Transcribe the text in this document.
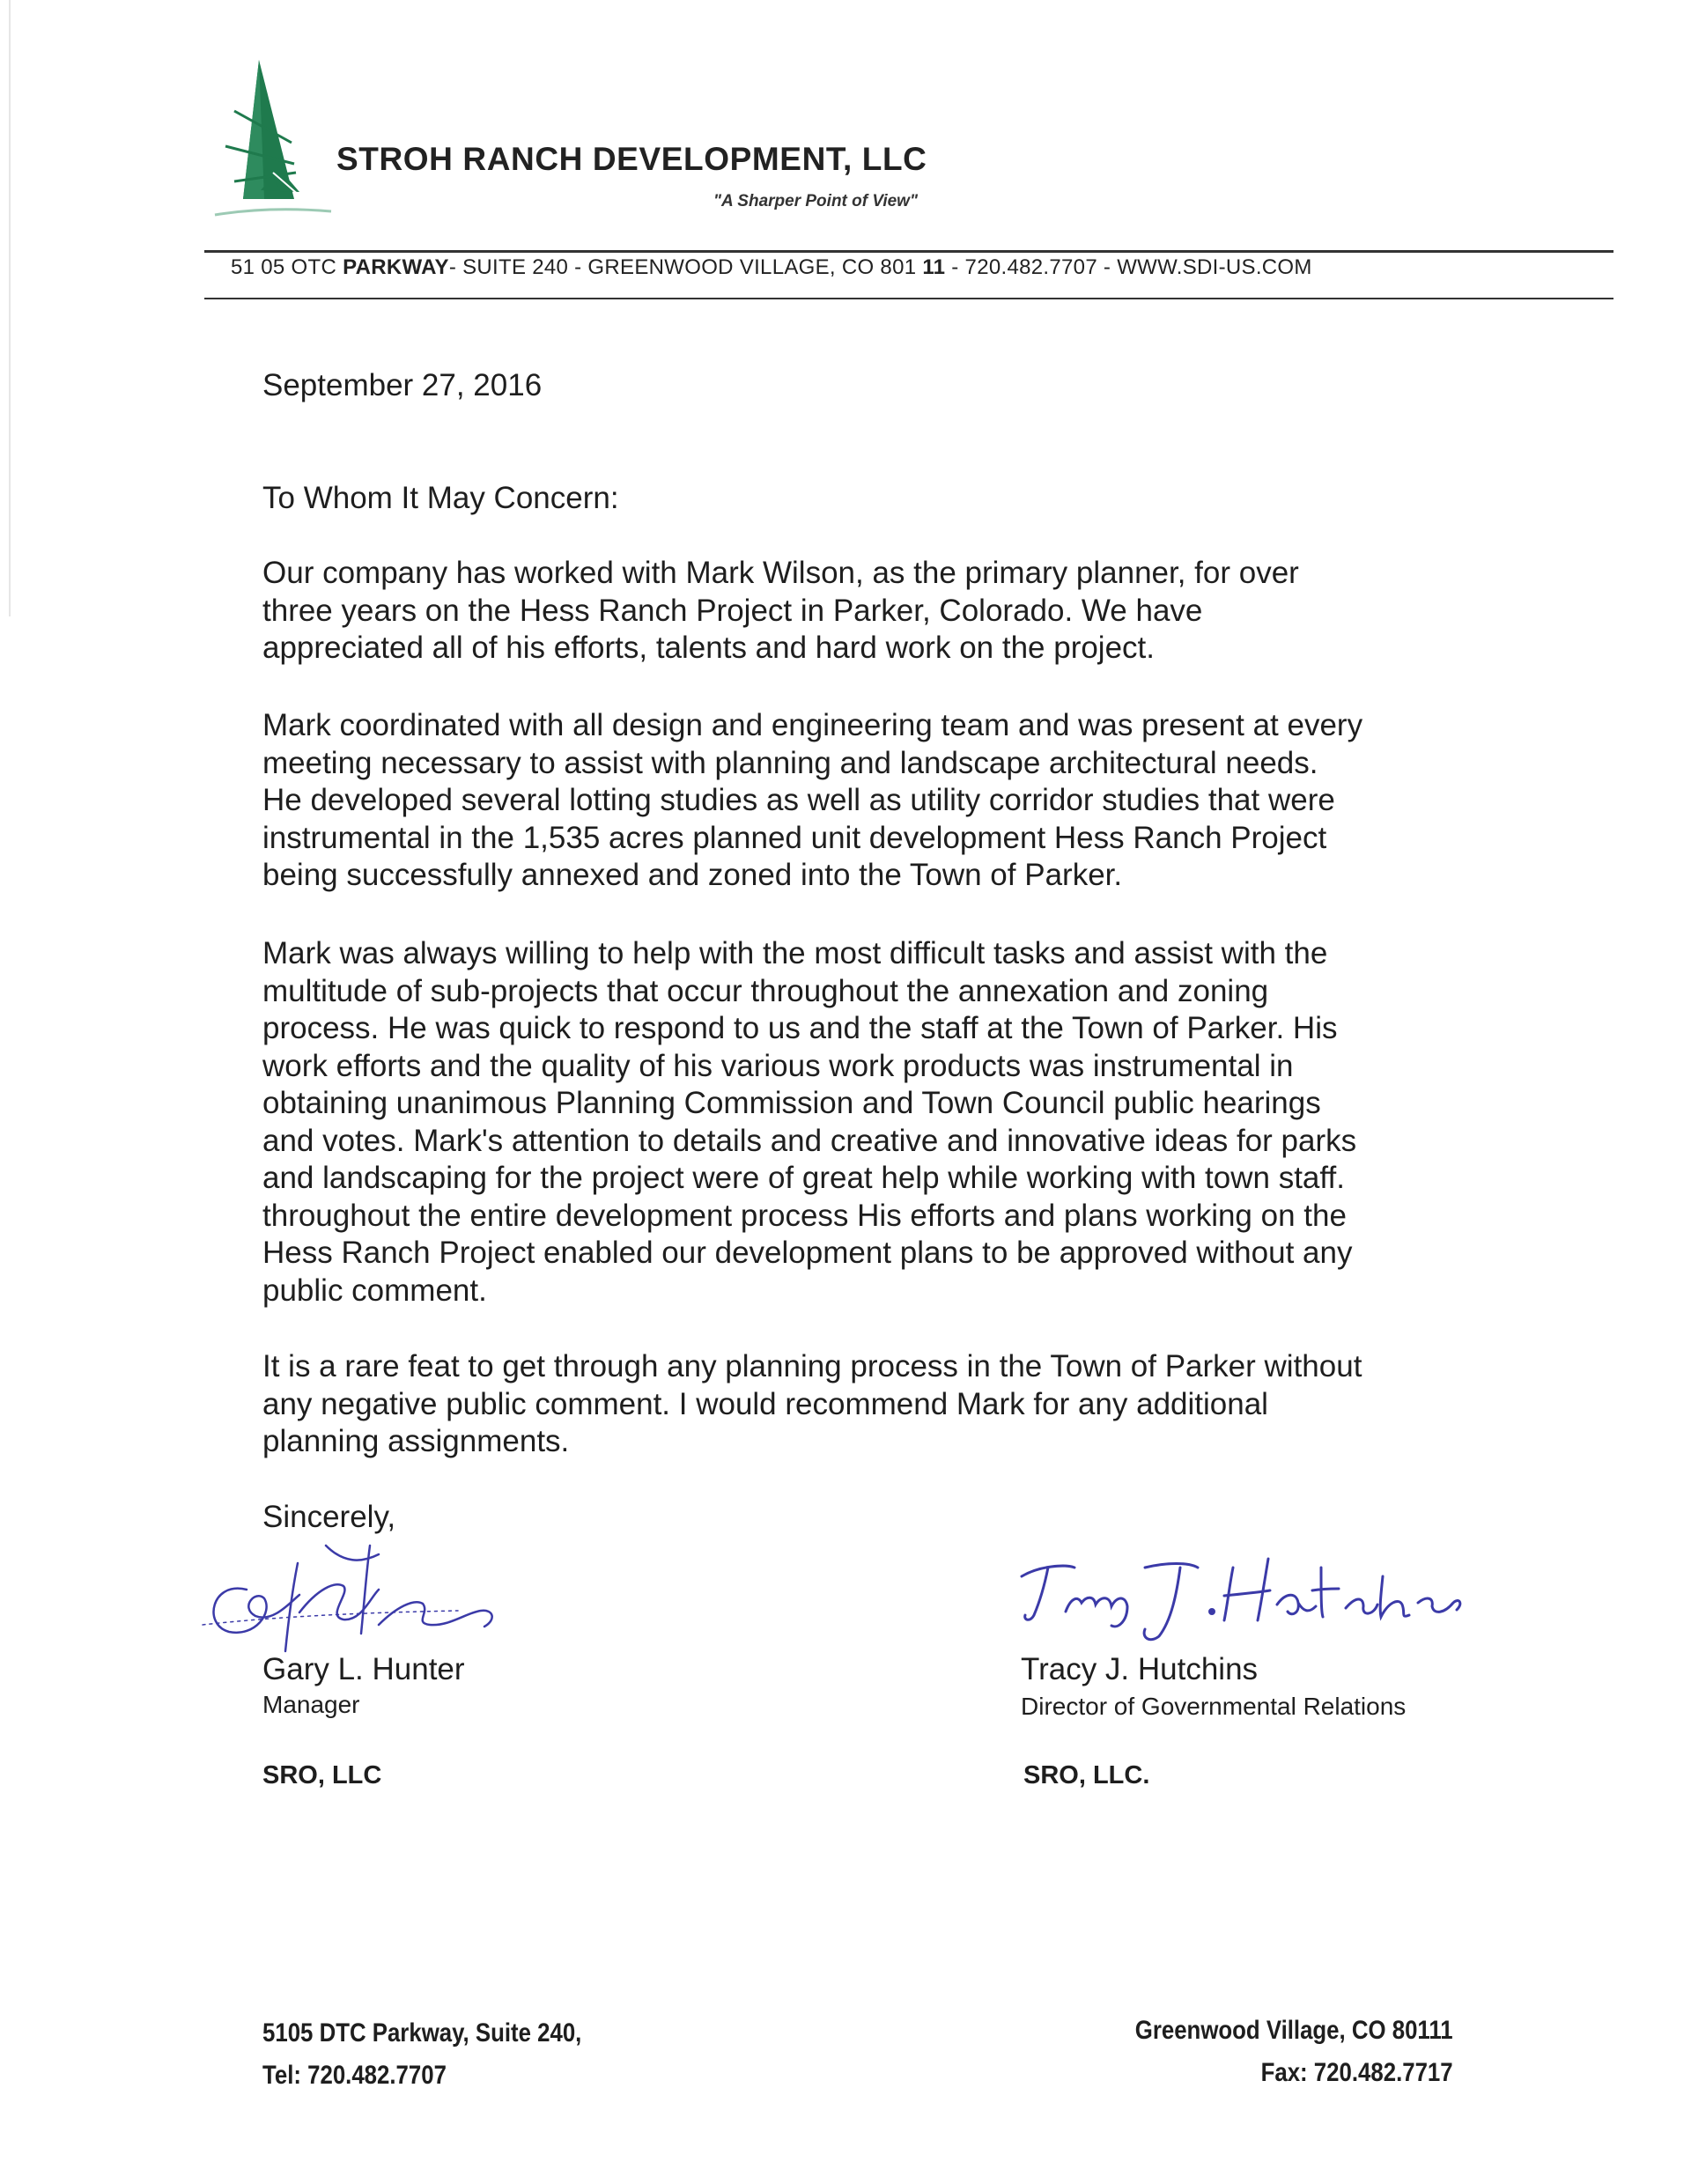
STROH RANCH DEVELOPMENT, LLC
"A Sharper Point of View"
51 05 OTC PARKWAY- SUITE 240 - GREENWOOD VILLAGE, CO 801 11 - 720.482.7707 - WWW.SDI-US.COM
September 27, 2016
To Whom It May Concern:
Our company has worked with Mark Wilson, as the primary planner, for over
three years on the Hess Ranch Project in Parker, Colorado. We have
appreciated all of his efforts, talents and hard work on the project.
Mark coordinated with all design and engineering team and was present at every
meeting necessary to assist with planning and landscape architectural needs.
He developed several lotting studies as well as utility corridor studies that were
instrumental in the 1,535 acres planned unit development Hess Ranch Project
being successfully annexed and zoned into the Town of Parker.
Mark was always willing to help with the most difficult tasks and assist with the
multitude of sub-projects that occur throughout the annexation and zoning
process. He was quick to respond to us and the staff at the Town of Parker. His
work efforts and the quality of his various work products was instrumental in
obtaining unanimous Planning Commission and Town Council public hearings
and votes. Mark's attention to details and creative and innovative ideas for parks
and landscaping for the project were of great help while working with town staff.
throughout the entire development process His efforts and plans working on the
Hess Ranch Project enabled our development plans to be approved without any
public comment.
It is a rare feat to get through any planning process in the Town of Parker without
any negative public comment. I would recommend Mark for any additional
planning assignments.
Sincerely,
Gary L. Hunter
Manager
Tracy J. Hutchins
Director of Governmental Relations
SRO, LLC	SRO, LLC.
5105 DTC Parkway, Suite 240,
Tel: 720.482.7707
Greenwood Village, CO 80111
Fax: 720.482.7717
